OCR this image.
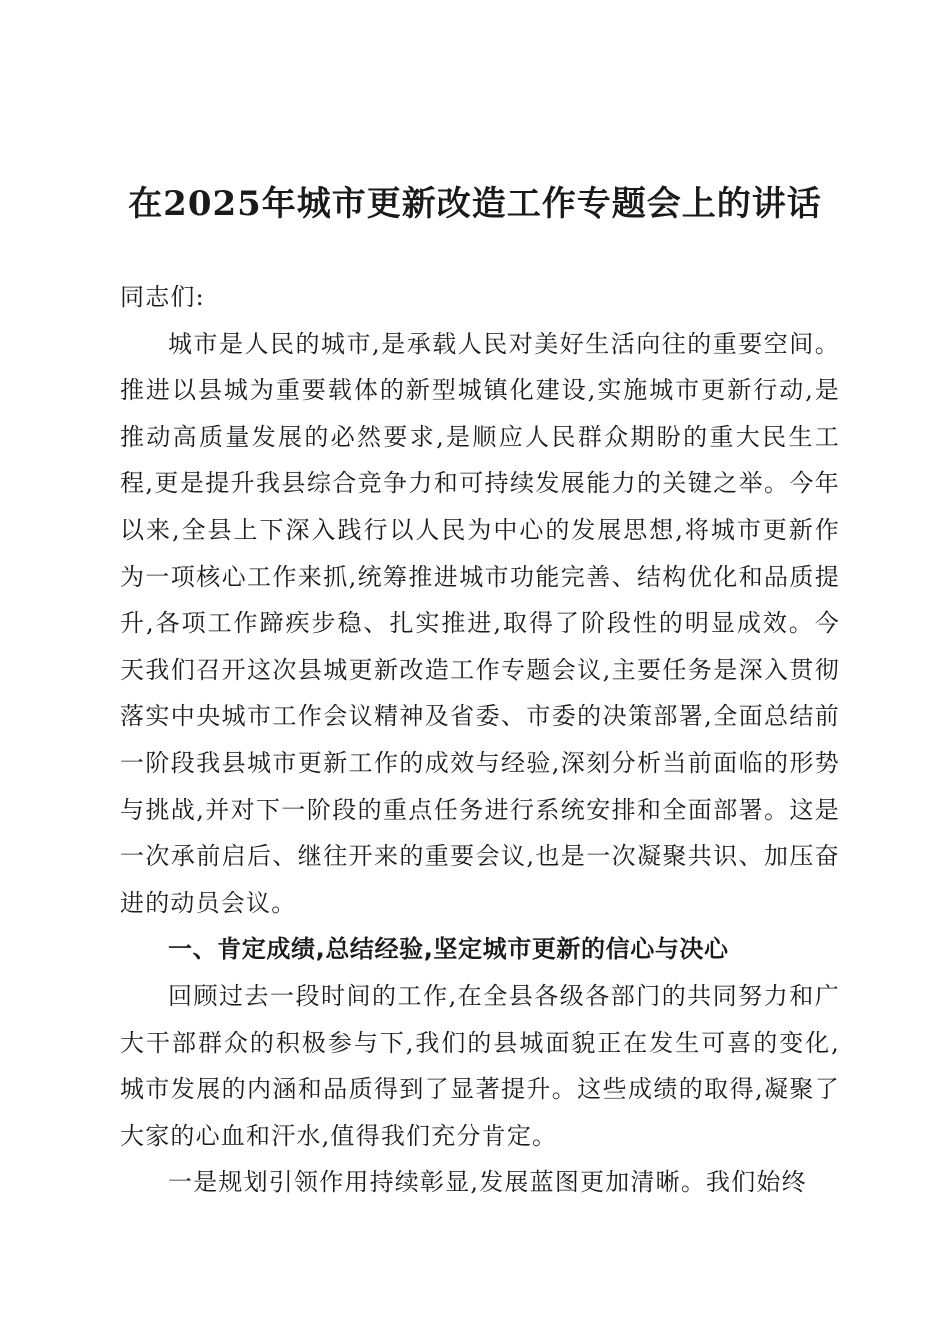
在2025年城市更新改造工作专题会上的讲话

同志们:

城市是人民的城市,是承载人民对美好生活向往的重要空间。推进以县城为重要载体的新型城镇化建设,实施城市更新行动,是推动高质量发展的必然要求,是顺应人民群众期盼的重大民生工程,更是提升我县综合竞争力和可持续发展能力的关键之举。今年以来,全县上下深入践行以人民为中心的发展思想,将城市更新作为一项核心工作来抓,统筹推进城市功能完善、结构优化和品质提升,各项工作蹄疾步稳、扎实推进,取得了阶段性的明显成效。今天我们召开这次县城更新改造工作专题会议,主要任务是深入贯彻落实中央城市工作会议精神及省委、市委的决策部署,全面总结前一阶段我县城市更新工作的成效与经验,深刻分析当前面临的形势与挑战,并对下一阶段的重点任务进行系统安排和全面部署。这是一次承前启后、继往开来的重要会议,也是一次凝聚共识、加压奋进的动员会议。

一、肯定成绩,总结经验,坚定城市更新的信心与决心

回顾过去一段时间的工作,在全县各级各部门的共同努力和广大干部群众的积极参与下,我们的县城面貌正在发生可喜的变化,城市发展的内涵和品质得到了显著提升。这些成绩的取得,凝聚了大家的心血和汗水,值得我们充分肯定。

一是规划引领作用持续彰显,发展蓝图更加清晰。我们始终
